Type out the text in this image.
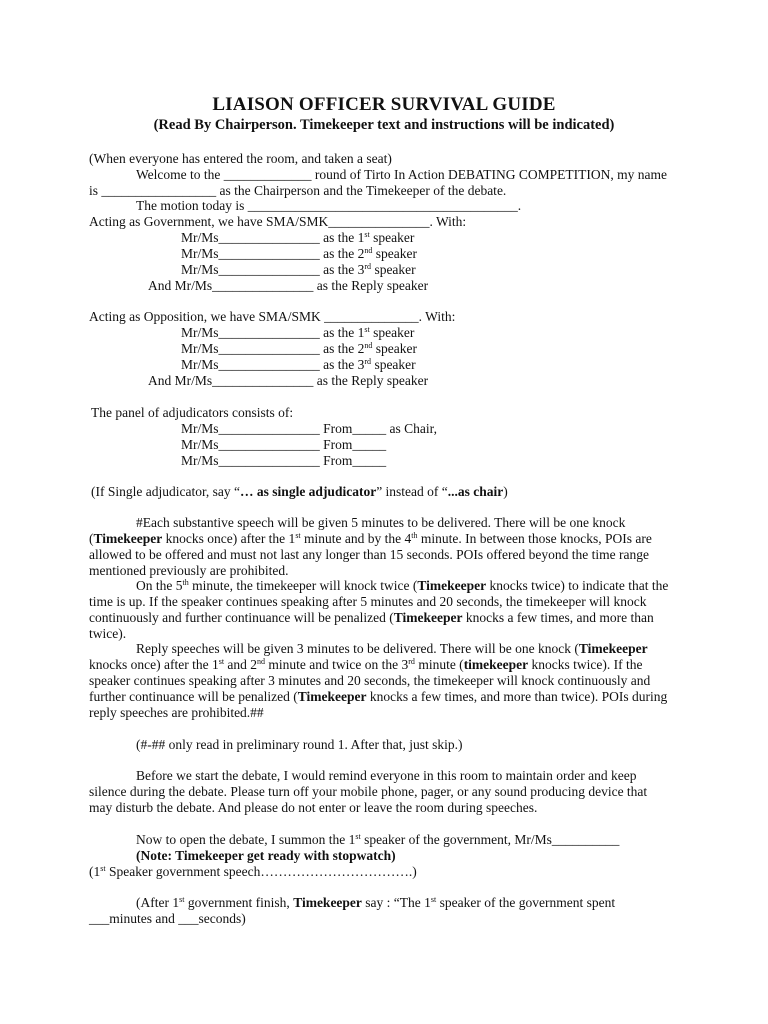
LIAISON OFFICER SURVIVAL GUIDE
(Read By Chairperson. Timekeeper text and instructions will be indicated)
(When everyone has entered the room, and taken a seat)
Welcome to the _____________ round of Tirto In Action DEBATING COMPETITION, my name
is _________________ as the Chairperson and the Timekeeper of the debate.
The motion today is ________________________________________.
Acting as Government, we have SMA/SMK_______________. With:
Mr/Ms_______________ as the 1st speaker
Mr/Ms_______________ as the 2nd speaker
Mr/Ms_______________ as the 3rd speaker
And Mr/Ms_______________ as the Reply speaker
Acting as Opposition, we have SMA/SMK ______________. With:
Mr/Ms_______________ as the 1st speaker
Mr/Ms_______________ as the 2nd speaker
Mr/Ms_______________ as the 3rd speaker
And Mr/Ms_______________ as the Reply speaker
The panel of adjudicators consists of:
Mr/Ms_______________ From_____ as Chair,
Mr/Ms_______________ From_____
Mr/Ms_______________ From_____
(If Single adjudicator, say “… as single adjudicator” instead of “...as chair)
#Each substantive speech will be given 5 minutes to be delivered. There will be one knock
(Timekeeper knocks once) after the 1st minute and by the 4th minute. In between those knocks, POIs are
allowed to be offered and must not last any longer than 15 seconds. POIs offered beyond the time range
mentioned previously are prohibited.
On the 5th minute, the timekeeper will knock twice (Timekeeper knocks twice) to indicate that the
time is up. If the speaker continues speaking after 5 minutes and 20 seconds, the timekeeper will knock
continuously and further continuance will be penalized (Timekeeper knocks a few times, and more than
twice).
Reply speeches will be given 3 minutes to be delivered. There will be one knock (Timekeeper
knocks once) after the 1st and 2nd minute and twice on the 3rd minute (timekeeper knocks twice). If the
speaker continues speaking after 3 minutes and 20 seconds, the timekeeper will knock continuously and
further continuance will be penalized (Timekeeper knocks a few times, and more than twice). POIs during
reply speeches are prohibited.##
(#-## only read in preliminary round 1. After that, just skip.)
Before we start the debate, I would remind everyone in this room to maintain order and keep
silence during the debate. Please turn off your mobile phone, pager, or any sound producing device that
may disturb the debate. And please do not enter or leave the room during speeches.
Now to open the debate, I summon the 1st speaker of the government, Mr/Ms__________
(Note: Timekeeper get ready with stopwatch)
(1st Speaker government speech…………………………….)
(After 1st government finish, Timekeeper say : “The 1st speaker of the government spent
___minutes and ___seconds)
